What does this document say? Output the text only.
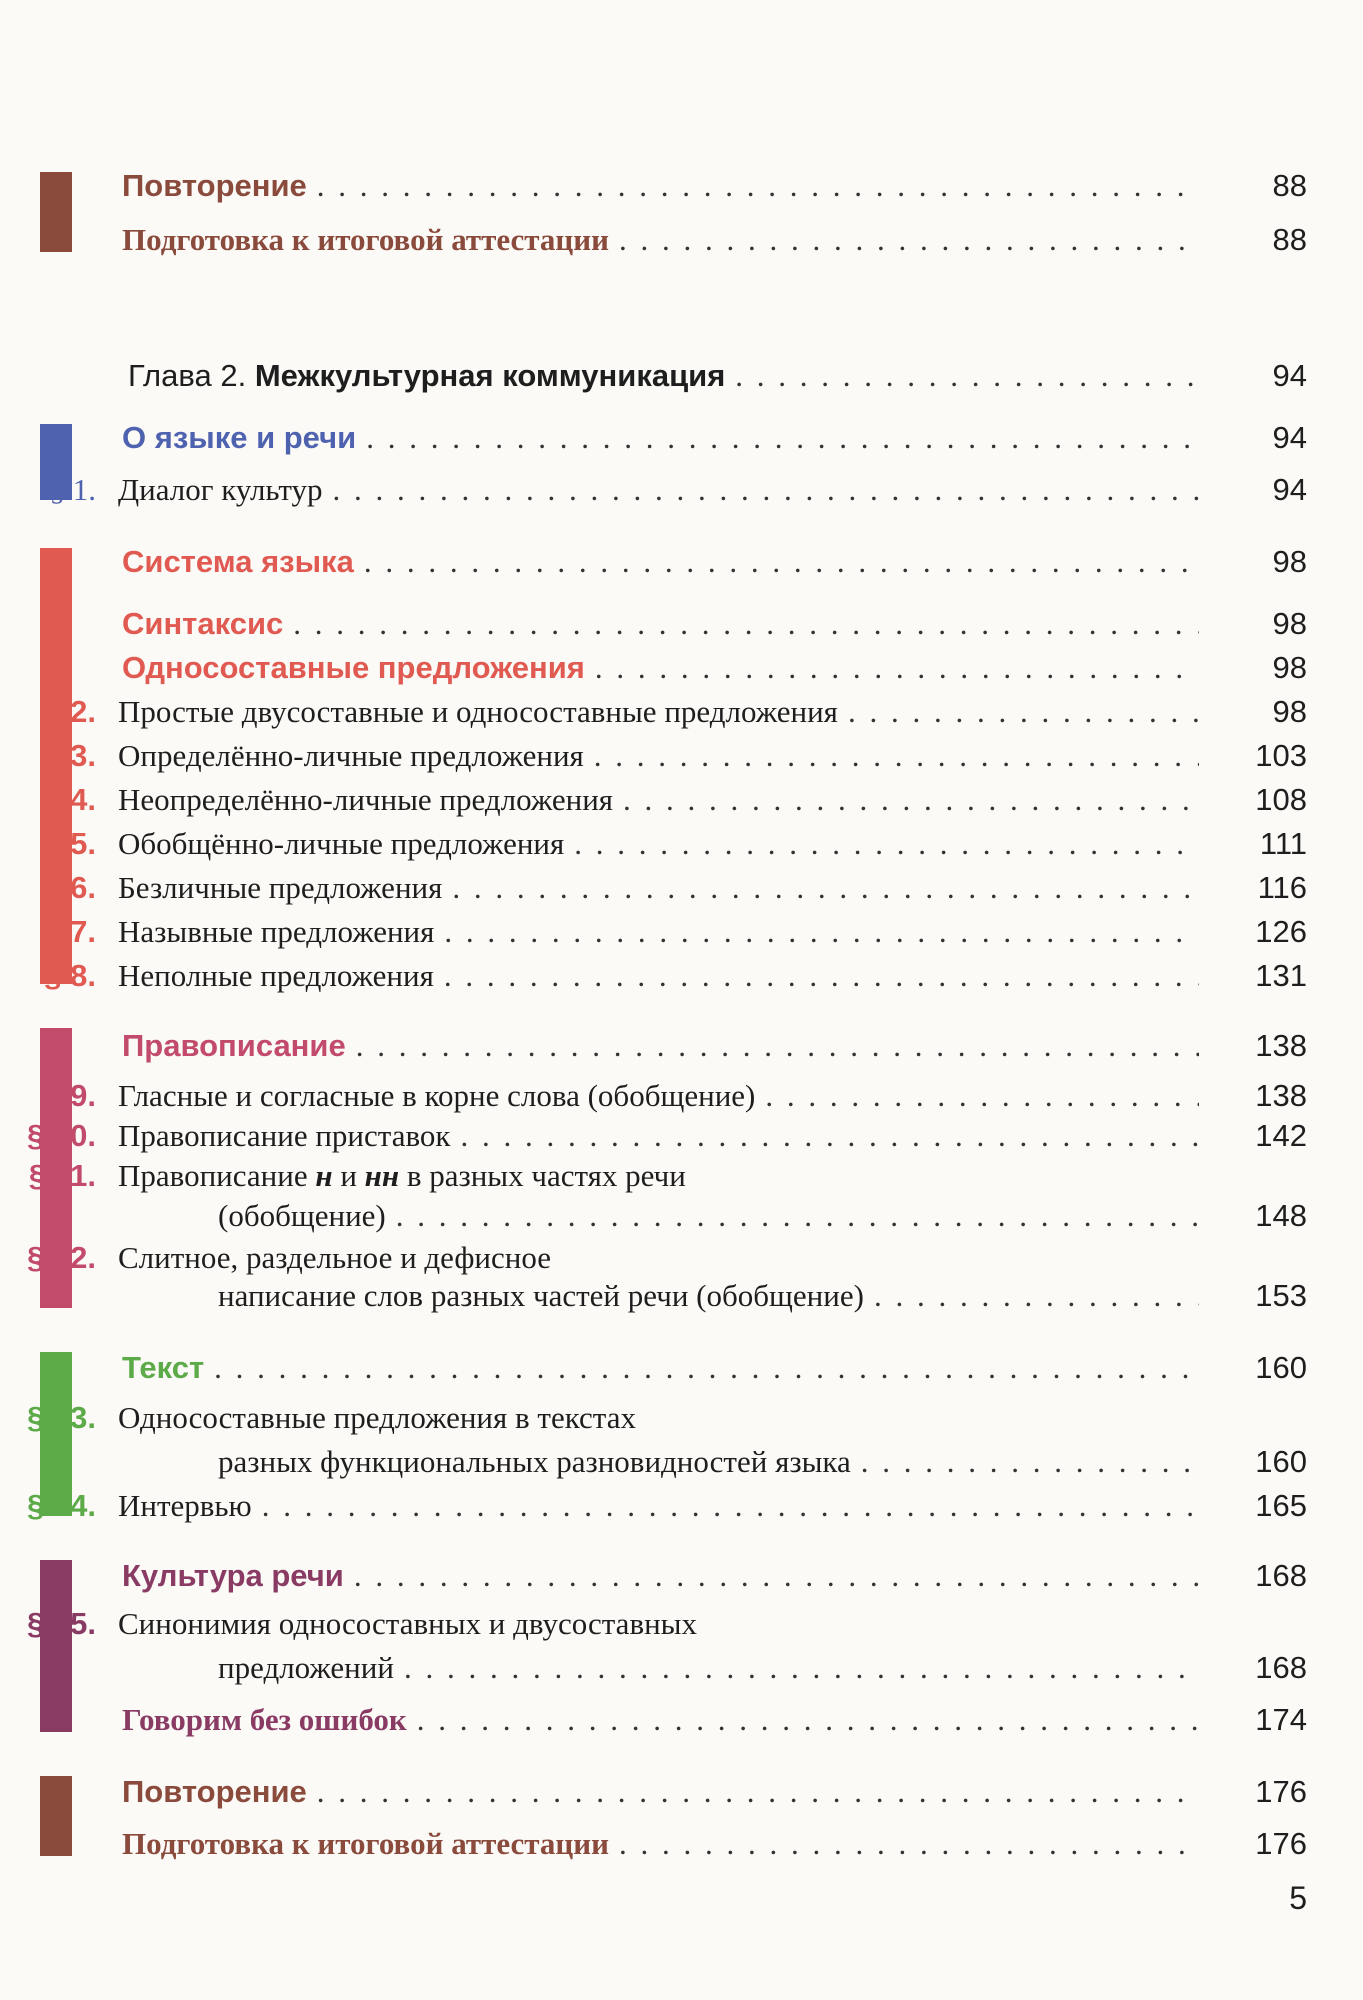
Повторение . . .	88
Подготовка к итоговой аттестации . . .	88
Глава 2. Межкультурная коммуникация . . .	94
О языке и речи . . .	94
§ 1. Диалог культур . . .	94
Система языка . . .	98
Синтаксис . . .	98
Односоставные предложения . . .	98
§ 2. Простые двусоставные и односоставные предложения . . .	98
§ 3. Определённо-личные предложения . . .	103
§ 4. Неопределённо-личные предложения . . .	108
§ 5. Обобщённо-личные предложения . . .	111
§ 6. Безличные предложения . . .	116
§ 7. Назывные предложения . . .	126
§ 8. Неполные предложения . . .	131
Правописание . . .	138
§ 9. Гласные и согласные в корне слова (обобщение) . . .	138
§ 10. Правописание приставок . . .	142
§ 11. Правописание н и нн в разных частях речи
(обобщение) . . .	148
§ 12. Слитное, раздельное и дефисное
написание слов разных частей речи (обобщение) . . .	153
Текст . . .	160
§ 13. Односоставные предложения в текстах
разных функциональных разновидностей языка . . .	160
§ 14. Интервью . . .	165
Культура речи . . .	168
§ 15. Синонимия односоставных и двусоставных
предложений . . .	168
Говорим без ошибок . . .	174
Повторение . . .	176
Подготовка к итоговой аттестации . . .	176
5
